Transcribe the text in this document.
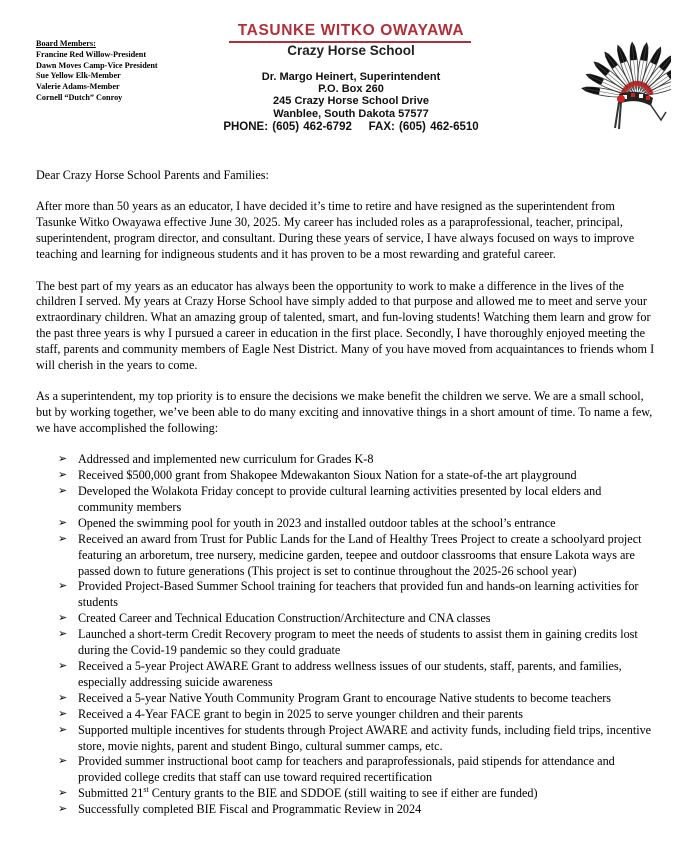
Board Members:
Francine Red Willow-President
Dawn Moves Camp-Vice President
Sue Yellow Elk-Member
Valerie Adams-Member
Cornell “Dutch” Conroy
TASUNKE WITKO OWAYAWA
Crazy Horse School
Dr. Margo Heinert, Superintendent
P.O. Box 260
245 Crazy Horse School Drive
Wanblee, South Dakota 57577
PHONE: (605) 462-6792    FAX: (605) 462-6510

Dear Crazy Horse School Parents and Families:

After more than 50 years as an educator, I have decided it’s time to retire and have resigned as the superintendent from Tasunke Witko Owayawa effective June 30, 2025. My career has included roles as a paraprofessional, teacher, principal, superintendent, program director, and consultant. During these years of service, I have always focused on ways to improve teaching and learning for indigneous students and it has proven to be a most rewarding and grateful career.

The best part of my years as an educator has always been the opportunity to work to make a difference in the lives of the children I served. My years at Crazy Horse School have simply added to that purpose and allowed me to meet and serve your extraordinary children. What an amazing group of talented, smart, and fun-loving students! Watching them learn and grow for the past three years is why I pursued a career in education in the first place. Secondly, I have thoroughly enjoyed meeting the staff, parents and community members of Eagle Nest District. Many of you have moved from acquaintances to friends whom I will cherish in the years to come.

As a superintendent, my top priority is to ensure the decisions we make benefit the children we serve. We are a small school, but by working together, we’ve been able to do many exciting and innovative things in a short amount of time. To name a few, we have accomplished the following:

➢ Addressed and implemented new curriculum for Grades K-8
➢ Received $500,000 grant from Shakopee Mdewakanton Sioux Nation for a state-of-the art playground
➢ Developed the Wolakota Friday concept to provide cultural learning activities presented by local elders and community members
➢ Opened the swimming pool for youth in 2023 and installed outdoor tables at the school’s entrance
➢ Received an award from Trust for Public Lands for the Land of Healthy Trees Project to create a schoolyard project featuring an arboretum, tree nursery, medicine garden, teepee and outdoor classrooms that ensure Lakota ways are passed down to future generations (This project is set to continue throughout the 2025-26 school year)
➢ Provided Project-Based Summer School training for teachers that provided fun and hands-on learning activities for students
➢ Created Career and Technical Education Construction/Architecture and CNA classes
➢ Launched a short-term Credit Recovery program to meet the needs of students to assist them in gaining credits lost during the Covid-19 pandemic so they could graduate
➢ Received a 5-year Project AWARE Grant to address wellness issues of our students, staff, parents, and families, especially addressing suicide awareness
➢ Received a 5-year Native Youth Community Program Grant to encourage Native students to become teachers
➢ Received a 4-Year FACE grant to begin in 2025 to serve younger children and their parents
➢ Supported multiple incentives for students through Project AWARE and activity funds, including field trips, incentive store, movie nights, parent and student Bingo, cultural summer camps, etc.
➢ Provided summer instructional boot camp for teachers and paraprofessionals, paid stipends for attendance and provided college credits that staff can use toward required recertification
➢ Submitted 21st Century grants to the BIE and SDDOE (still waiting to see if either are funded)
➢ Successfully completed BIE Fiscal and Programmatic Review in 2024
